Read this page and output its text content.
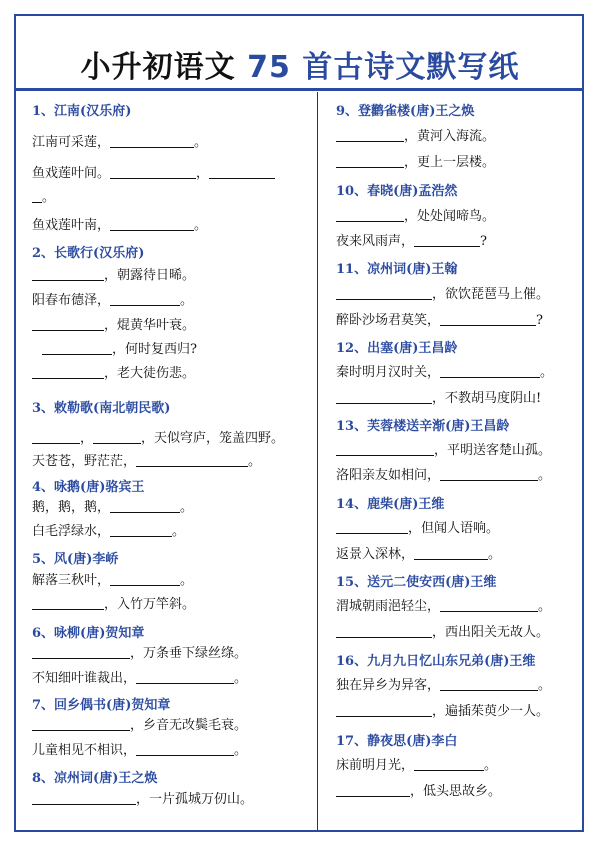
小升初语文 75 首古诗文默写纸
1、江南(汉乐府)
江南可采莲，	。
鱼戏莲叶间。	，
。
鱼戏莲叶南，	。
2、长歌行(汉乐府)
，朝露待日晞。
阳春布德泽，	。
，焜黄华叶衰。
，何时复西归?
，老大徒伤悲。
3、敕勒歌(南北朝民歌)
，	，天似穹庐，笼盖四野。
天苍苍，野茫茫，	。
4、咏鹅(唐)骆宾王
鹅，鹅，鹅，	。
白毛浮绿水，	。
5、风(唐)李峤
解落三秋叶，	。
，入竹万竿斜。
6、咏柳(唐)贺知章
，万条垂下绿丝绦。
不知细叶谁裁出，	。
7、回乡偶书(唐)贺知章
，乡音无改鬓毛衰。
儿童相见不相识，	。
8、凉州词(唐)王之焕
，一片孤城万仞山。
9、登鹳雀楼(唐)王之焕
，黄河入海流。
，更上一层楼。
10、春晓(唐)孟浩然
，处处闻啼鸟。
夜来风雨声，	?
11、凉州词(唐)王翰
，欲饮琵琶马上催。
醉卧沙场君莫笑，	?
12、出塞(唐)王昌龄
秦时明月汉时关，	。
，不教胡马度阴山!
13、芙蓉楼送辛渐(唐)王昌龄
，平明送客楚山孤。
洛阳亲友如相问，	。
14、鹿柴(唐)王维
，但闻人语响。
返景入深林，	。
15、送元二使安西(唐)王维
渭城朝雨浥轻尘，	。
，西出阳关无故人。
16、九月九日忆山东兄弟(唐)王维
独在异乡为异客，	。
，遍插茱萸少一人。
17、静夜思(唐)李白
床前明月光，	。
，低头思故乡。
